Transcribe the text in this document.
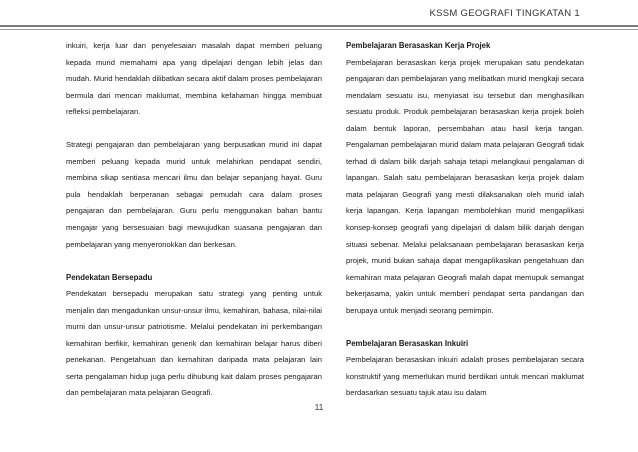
KSSM GEOGRAFI TINGKATAN 1

inkuiri, kerja luar dan penyelesaian masalah dapat memberi peluang kepada murid memahami apa yang dipelajari dengan lebih jelas dan mudah. Murid hendaklah dilibatkan secara aktif dalam proses pembelajaran bermula dari mencari maklumat, membina kefahaman hingga membuat refleksi pembelajaran.

Strategi pengajaran dan pembelajaran yang berpusatkan murid ini dapat memberi peluang kepada murid untuk melahirkan pendapat sendiri, membina sikap sentiasa mencari ilmu dan belajar sepanjang hayat. Guru pula hendaklah berperanan sebagai pemudah cara dalam proses pengajaran dan pembelajaran. Guru perlu menggunakan bahan bantu mengajar yang bersesuaian bagi mewujudkan suasana pengajaran dan pembelajaran yang menyeronokkan dan berkesan.

Pendekatan Bersepadu

Pendekatan bersepadu merupakan satu strategi yang penting untuk menjalin dan mengadunkan unsur-unsur ilmu, kemahiran, bahasa, nilai-nilai murni dan unsur-unsur patriotisme. Melalui pendekatan ini perkembangan kemahiran berfikir, kemahiran generik dan kemahiran belajar harus diberi penekanan. Pengetahuan dan kemahiran daripada mata pelajaran lain serta pengalaman hidup juga perlu dihubung kait dalam proses pengajaran dan pembelajaran mata pelajaran Geografi.

Pembelajaran Berasaskan Kerja Projek

Pembelajaran berasaskan kerja projek merupakan satu pendekatan pengajaran dan pembelajaran yang melibatkan murid mengkaji secara mendalam sesuatu isu, menyiasat isu tersebut dan menghasilkan sesuatu produk. Produk pembelajaran berasaskan kerja projek boleh dalam bentuk laporan, persembahan atau hasil kerja tangan. Pengalaman pembelajaran murid dalam mata pelajaran Geografi tidak terhad di dalam bilik darjah sahaja tetapi melangkaui pengalaman di lapangan. Salah satu pembelajaran berasaskan kerja projek dalam mata pelajaran Geografi yang mesti dilaksanakan oleh murid ialah kerja lapangan. Kerja lapangan membolehkan murid mengaplikasi konsep-konsep geografi yang dipelajari di dalam bilik darjah dengan situasi sebenar. Melalui pelaksanaan pembelajaran berasaskan kerja projek, murid bukan sahaja dapat mengaplikasikan pengetahuan dan kemahiran mata pelajaran Geografi malah dapat memupuk semangat bekerjasama, yakin untuk memberi pendapat serta pandangan dan berupaya untuk menjadi seorang pemimpin.

Pembelajaran Berasaskan Inkuiri

Pembelajaran berasaskan inkuiri adalah proses pembelajaran secara konstruktif yang memerlukan murid berdikari untuk mencari maklumat berdasarkan sesuatu tajuk atau isu dalam

11
